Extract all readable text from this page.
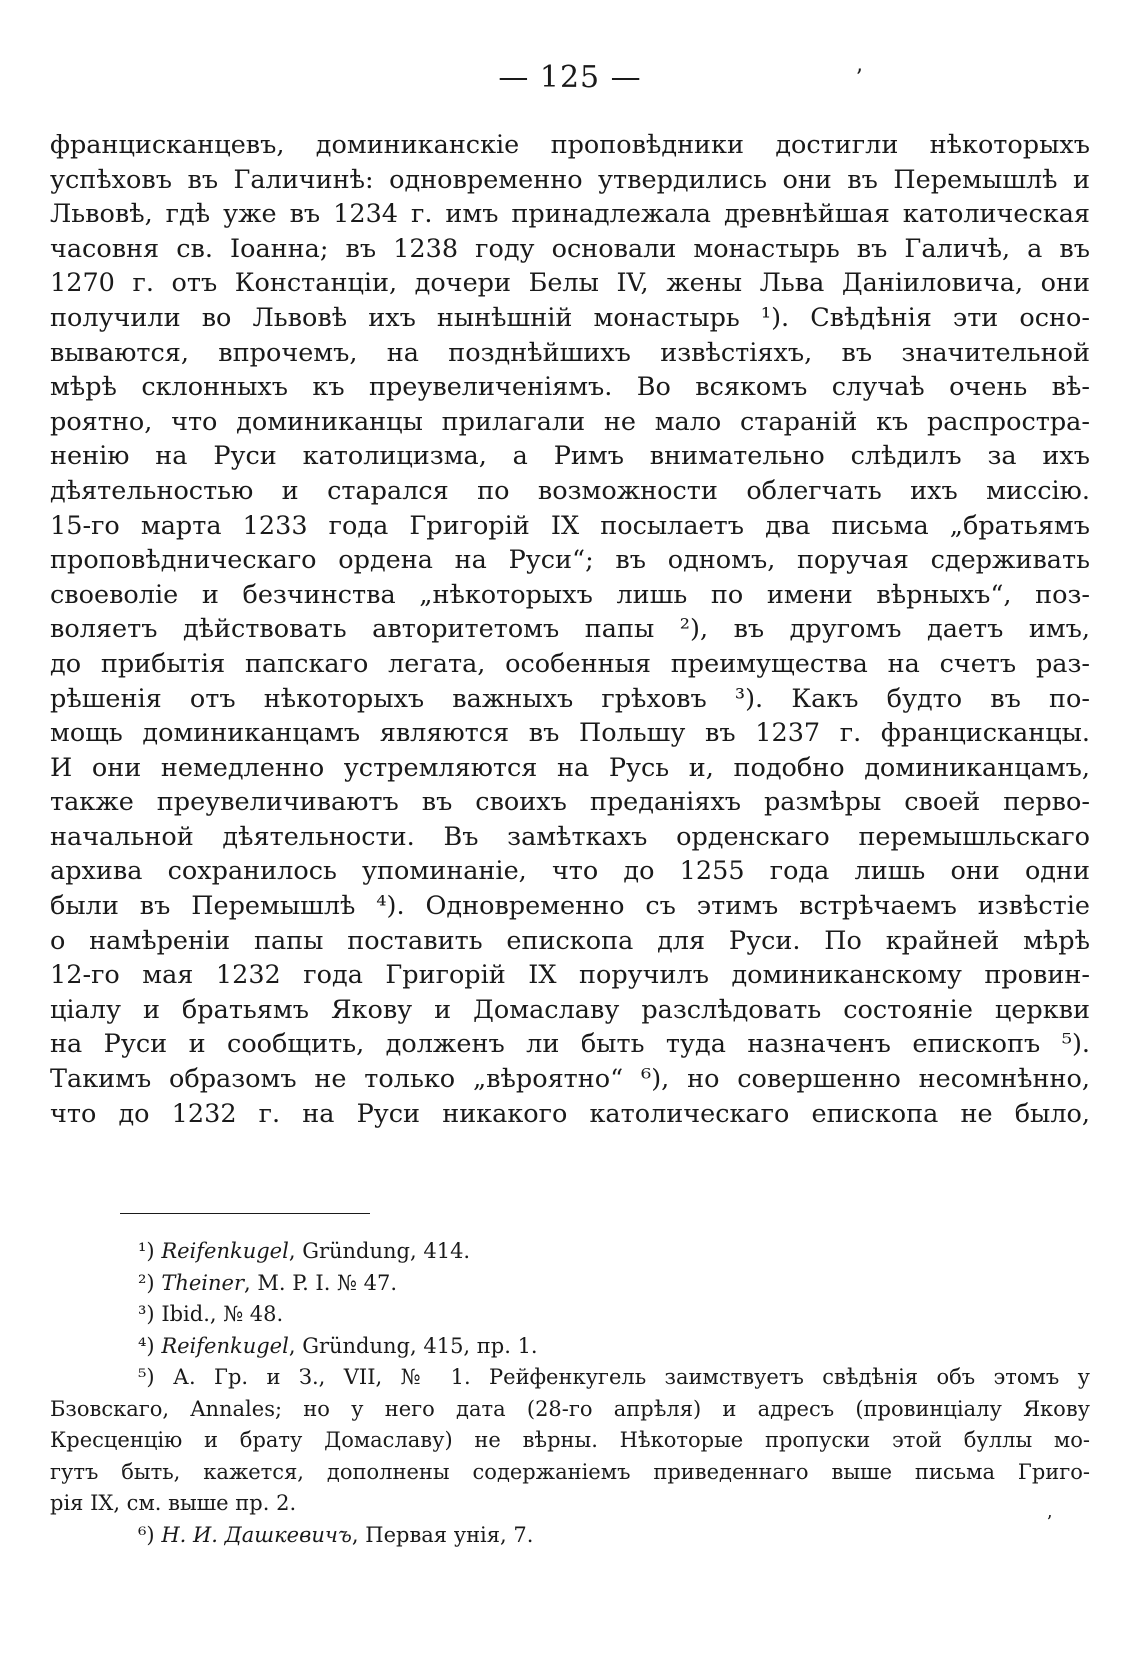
— 125 —	ʼ
францисканцевъ, доминиканскіе проповѣдники достигли нѣкоторыхъ
успѣховъ въ Галичинѣ: одновременно утвердились они въ Перемышлѣ и
Львовѣ, гдѣ уже въ 1234 г. имъ принадлежала древнѣйшая католическая
часовня св. Іоанна; въ 1238 году основали монастырь въ Галичѣ, а въ
1270 г. отъ Констанціи, дочери Белы IV, жены Льва Даніиловича, они
получили во Львовѣ ихъ нынѣшній монастырь ¹). Свѣдѣнія эти осно-
вываются, впрочемъ, на позднѣйшихъ извѣстіяхъ, въ значительной
мѣрѣ склонныхъ къ преувеличеніямъ. Во всякомъ случаѣ очень вѣ-
роятно, что доминиканцы прилагали не мало стараній къ распростра-
ненію на Руси католицизма, а Римъ внимательно слѣдилъ за ихъ
дѣятельностью и старался по возможности облегчать ихъ миссію.
15-го марта 1233 года Григорій IX посылаетъ два письма „братьямъ
проповѣдническаго ордена на Руси“; въ одномъ, поручая сдерживать
своеволіе и безчинства „нѣкоторыхъ лишь по имени вѣрныхъ“, поз-
воляетъ дѣйствовать авторитетомъ папы ²), въ другомъ даетъ имъ,
до прибытія папскаго легата, особенныя преимущества на счетъ раз-
рѣшенія отъ нѣкоторыхъ важныхъ грѣховъ ³). Какъ будто въ по-
мощь доминиканцамъ являются въ Польшу въ 1237 г. францисканцы.
И они немедленно устремляются на Русь и, подобно доминиканцамъ,
также преувеличиваютъ въ своихъ преданіяхъ размѣры своей перво-
начальной дѣятельности. Въ замѣткахъ орденскаго перемышльскаго
архива сохранилось упоминаніе, что до 1255 года лишь они одни
были въ Перемышлѣ ⁴). Одновременно съ этимъ встрѣчаемъ извѣстіе
о намѣреніи папы поставить епископа для Руси. По крайней мѣрѣ
12-го мая 1232 года Григорій IX поручилъ доминиканскому провин-
ціалу и братьямъ Якову и Домаславу разслѣдовать состояніе церкви
на Руси и сообщить, долженъ ли быть туда назначенъ епископъ ⁵).
Такимъ образомъ не только „вѣроятно“ ⁶), но совершенно несомнѣнно,
что до 1232 г. на Руси никакого католическаго епископа не было,
¹) Reifenkugel, Gründung, 414.
²) Theiner, M. P. I. № 47.
³) Ibid., № 48.
⁴) Reifenkugel, Gründung, 415, пр. 1.
⁵) А. Гр. и З., VII, № 1. Рейфенкугель заимствуетъ свѣдѣнія объ этомъ у
Бзовскаго, Annales; но у него дата (28-го апрѣля) и адресъ (провинціалу Якову
Кресценцію и брату Домаславу) не вѣрны. Нѣкоторые пропуски этой буллы мо-
гутъ быть, кажется, дополнены содержаніемъ приведеннаго выше письма Григо-
рія IX, см. выше пр. 2.
⁶) Н. И. Дашкевичъ, Первая унія, 7.	ʼ
